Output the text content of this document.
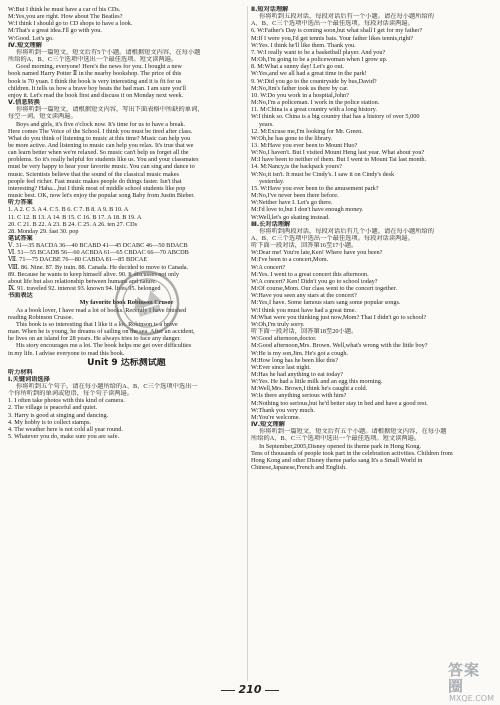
W:But I think he must have a car of his CDs.
M:Yes,you are right. How about The Beatles?
W:I think I should go to CD shops to have a look.
M:That's a great idea.I'll go with you.
W:Good. Let's go.
Ⅳ.短文理解
你将听到一篇短文，短文后有5个小题。请根据短文内容，在每小题
所给的A、B、C三个选项中选出一个最佳选项。短文读两遍。
Good morning, everyone! Here's the news for you. I bought a new
book named Harry Potter Ⅱ in the nearby bookshop. The price of this
book is 70 yuan. I think the book is very interesting and it is fit for us
children. It tells us how a brave boy beats the bad man. I am sure you'll
enjoy it. Let's read the book first and discuss it on Monday next week.
Ⅴ.信息转换
你将听到一篇短文，请根据短文内容，写出下面表格中所缺的单词，
每空一词。短文读两遍。
Boys and girls, it's five o'clock now. It's time for us to have a break.
Here comes The Voice of the School. I think you must be tired after class.
What do you think of listening to music at this time? Music can help you
be more active. And listening to music can help you relax. It's true that we
can learn better when we're relaxed. So music can't help us forget all the
problems. So it's really helpful for students like us. You and your classmates
must be very happy to hear your favorite music. You can sing and dance to
music. Scientists believe that the sound of the classical music makes
people feel richer. Fast music makes people do things faster. Isn't that
interesting? Haha...,but I think most of middle school students like pop
music best. OK, now let's enjoy the popular song Baby from Justin Bieber.
听力答案
1. A 2. C 3. A 4. C 5. B 6. C 7. B 8. A 9. B 10. A
11. C 12. B 13. A 14. B 15. C 16. B 17. A 18. B 19. A
20. C 21. B 22. A 23. B 24. C 25. A 26. ten 27. CDs
28. Monday 29. fast 30. pop
笔试答案
Ⅴ. 31—35 BACDA 36—40 BCABD 41—45 DCABC 46—50 BDACB
Ⅵ. 51—55 BCADB 56—60 ACBDA 61—65 CBDAC 66—70 ABCDB
Ⅶ. 71—75 DACBE 76—80 CABDA 81—85 BDCAE
Ⅷ. 86. Nine. 87. By train. 88. Canada. He decided to move to Canada.
89. Because he wants to keep himself alive. 90. It discusses not only
about life but also relationship between humans and nature.
Ⅸ. 91. traveled 92. interest 93. known 94. lives 95. belonged
书面表达
My favorite book Robinson Crusoe
As a book lover, I have read a lot of books. Recently I have finished
reading Robinson Crusoe.
This book is so interesting that I like it a lot. Robinson is a brave
man. When he is young, he dreams of sailing on the sea. After an accident,
he lives on an island for 28 years. He always tries to face any danger.
His story encourages me a lot. The book helps me get over difficulties
in my life. I advise everyone to read this book.
Unit 9 达标测试题
听力材料
Ⅰ.关键词语选择
你将听到五个句子。请在每小题所给的A、B、C三个选项中选出一
个你所听到的单词或短语，每个句子读两遍。
1. I often take photos with this kind of camera.
2. The village is peaceful and quiet.
3. Harry is good at singing and dancing.
4. My hobby is to collect stamps.
4. The weather here is not cold all year round.
5. Whatever you do, make sure you are safe.
Ⅱ.短对话理解
你将听到五段对话，每段对话后有一个小题。请在每小题所给的
A、B、C三个选项中选出一个最佳选项。每段对话读两遍。
6. W:Father's Day is coming soon,but what shall I get for my father?
M:If I were you,I'd get tennis bats. Your father likes tennis,right?
W:Yes. I think he'll like them. Thank you.
7. W:I really want to be a basketball player. And you?
M:Oh,I'm going to be a policewoman when I grow up.
8. M:What a sunny day! Let's go out.
W:Yes,and we all had a great time in the park!
9. W:Did you go to the countryside by bus,David?
M:No,Jim's father took us there by car.
10. W:Do you work in a hospital,John?
M:No,I'm a policeman. I work in the police station.
11. M:China is a great country with a long history.
W:I think so. China is a big country that has a history of over 5,000
years.
12. M:Excuse me,I'm looking for Mr. Green.
W:Oh,he has gone to the library.
13. M:Have you ever been to Mount Huo?
W:No,I haven't. But I visited Mount Heng last year. What about you?
M:I have been to neither of them. But I went to Mount Tai last month.
14. M:Nancy,is the backpack yours?
W:No,it isn't. It must be Cindy's. I saw it on Cindy's desk
yesterday.
15. W:Have you ever been to the amusement park?
M:No,I've never been there before.
W:Neither have I. Let's go there.
M:I'd love to,but I don't have enough money.
W:Well,let's go skating instead.
Ⅲ.长对话理解
你将听到两段对话，每段对话后有几个小题。请在每小题所给的
A、B、C三个选项中选出一个最佳选项。每段对话读两遍。
听下面一段对话，回答第16至17小题。
W:Dear me! You're late,Ken! Where have you been?
M:I've been to a concert,Mom.
W:A concert?
M:Yes. I went to a great concert this afternoon.
W:A concert? Ken! Didn't you go to school today?
M:Of course,Mom. Our class went to the concert together.
W:Have you seen any stars at the concert?
M:Yes,I have. Some famous stars sang some popular songs.
W:I think you must have had a great time.
M:What were you thinking just now,Mom? That I didn't go to school?
W:Oh,I'm truly sorry.
听下面一段对话，回答第18至20小题。
W:Good afternoon,doctor.
M:Good afternoon,Mrs. Brown. Well,what's wrong with the little boy?
W:He is my son,Jim. He's got a cough.
M:How long has he been like this?
W:Ever since last night.
M:Has he had anything to eat today?
W:Yes. He had a little milk and an egg this morning.
M:Well,Mrs. Brown,I think he's caught a cold.
W:Is there anything serious with him?
M:Nothing too serious,but he'd better stay in bed and have a good rest.
W:Thank you very much.
M:You're welcome.
Ⅳ.短文理解
你将听到一篇短文，短文后有五个小题。请根据短文内容，在每小题
所给的A、B、C三个选项中选出一个最佳选项。短文读两遍。
In September,2005,Disney opened its theme park in Hong Kong.
Tens of thousands of people took part in the celebration activities. Children from
Hong Kong and other Disney theme parks sang It's a Small World in
Chinese,Japanese,French and English.
210
答案圈
MXQE.COM
